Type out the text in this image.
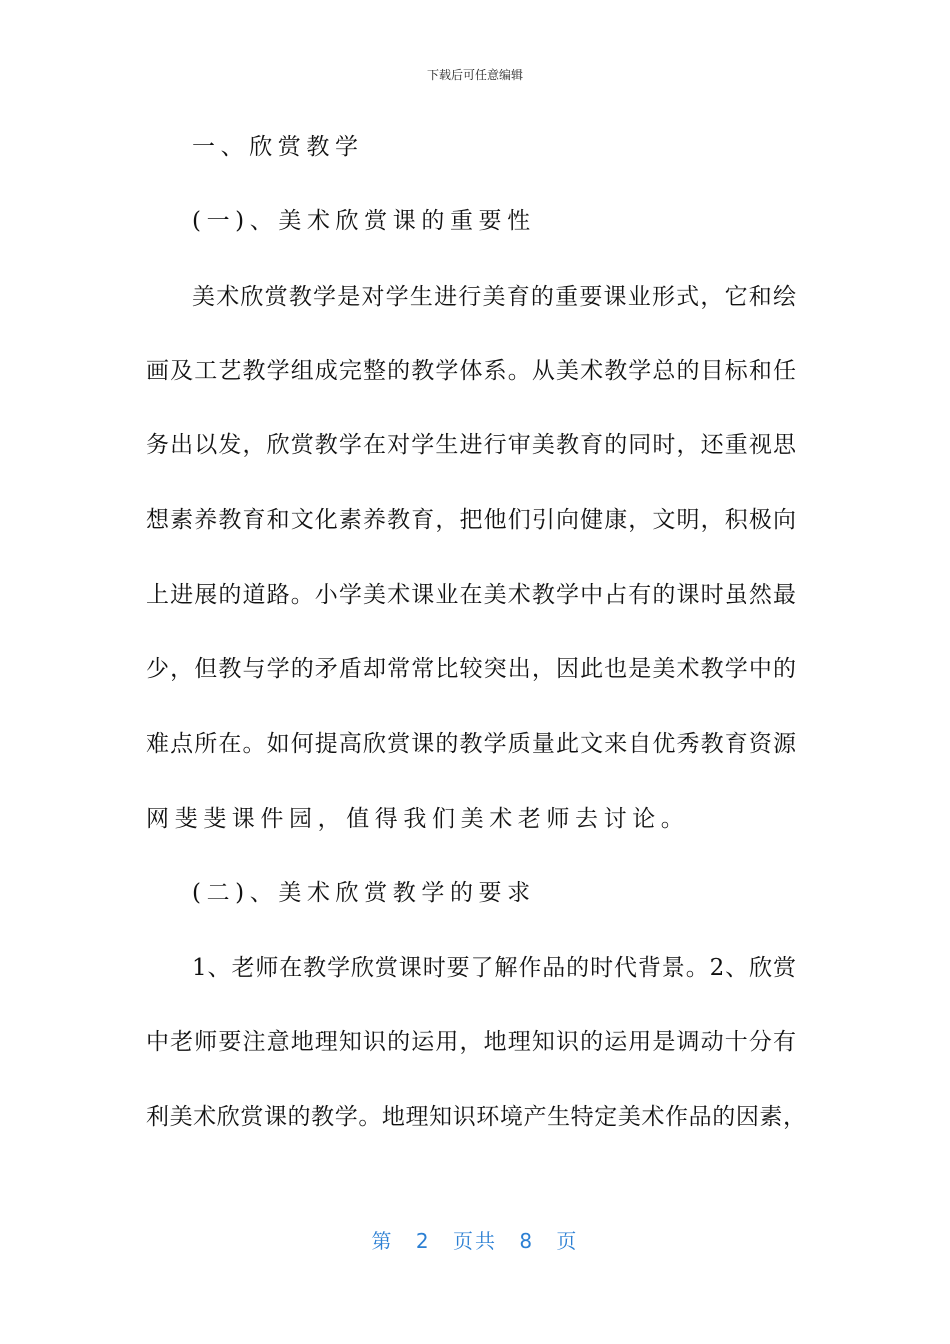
下载后可任意编辑
一、欣赏教学
(一)、美术欣赏课的重要性
美术欣赏教学是对学生进行美育的重要课业形式，它和绘
画及工艺教学组成完整的教学体系。从美术教学总的目标和任
务出以发，欣赏教学在对学生进行审美教育的同时，还重视思
想素养教育和文化素养教育，把他们引向健康，文明，积极向
上进展的道路。小学美术课业在美术教学中占有的课时虽然最
少，但教与学的矛盾却常常比较突出，因此也是美术教学中的
难点所在。如何提高欣赏课的教学质量此文来自优秀教育资源
网斐斐课件园，值得我们美术老师去讨论。
(二)、美术欣赏教学的要求
1、老师在教学欣赏课时要了解作品的时代背景。2、欣赏
中老师要注意地理知识的运用，地理知识的运用是调动十分有
利美术欣赏课的教学。地理知识环境产生特定美术作品的因素，
第 2 页共 8 页
